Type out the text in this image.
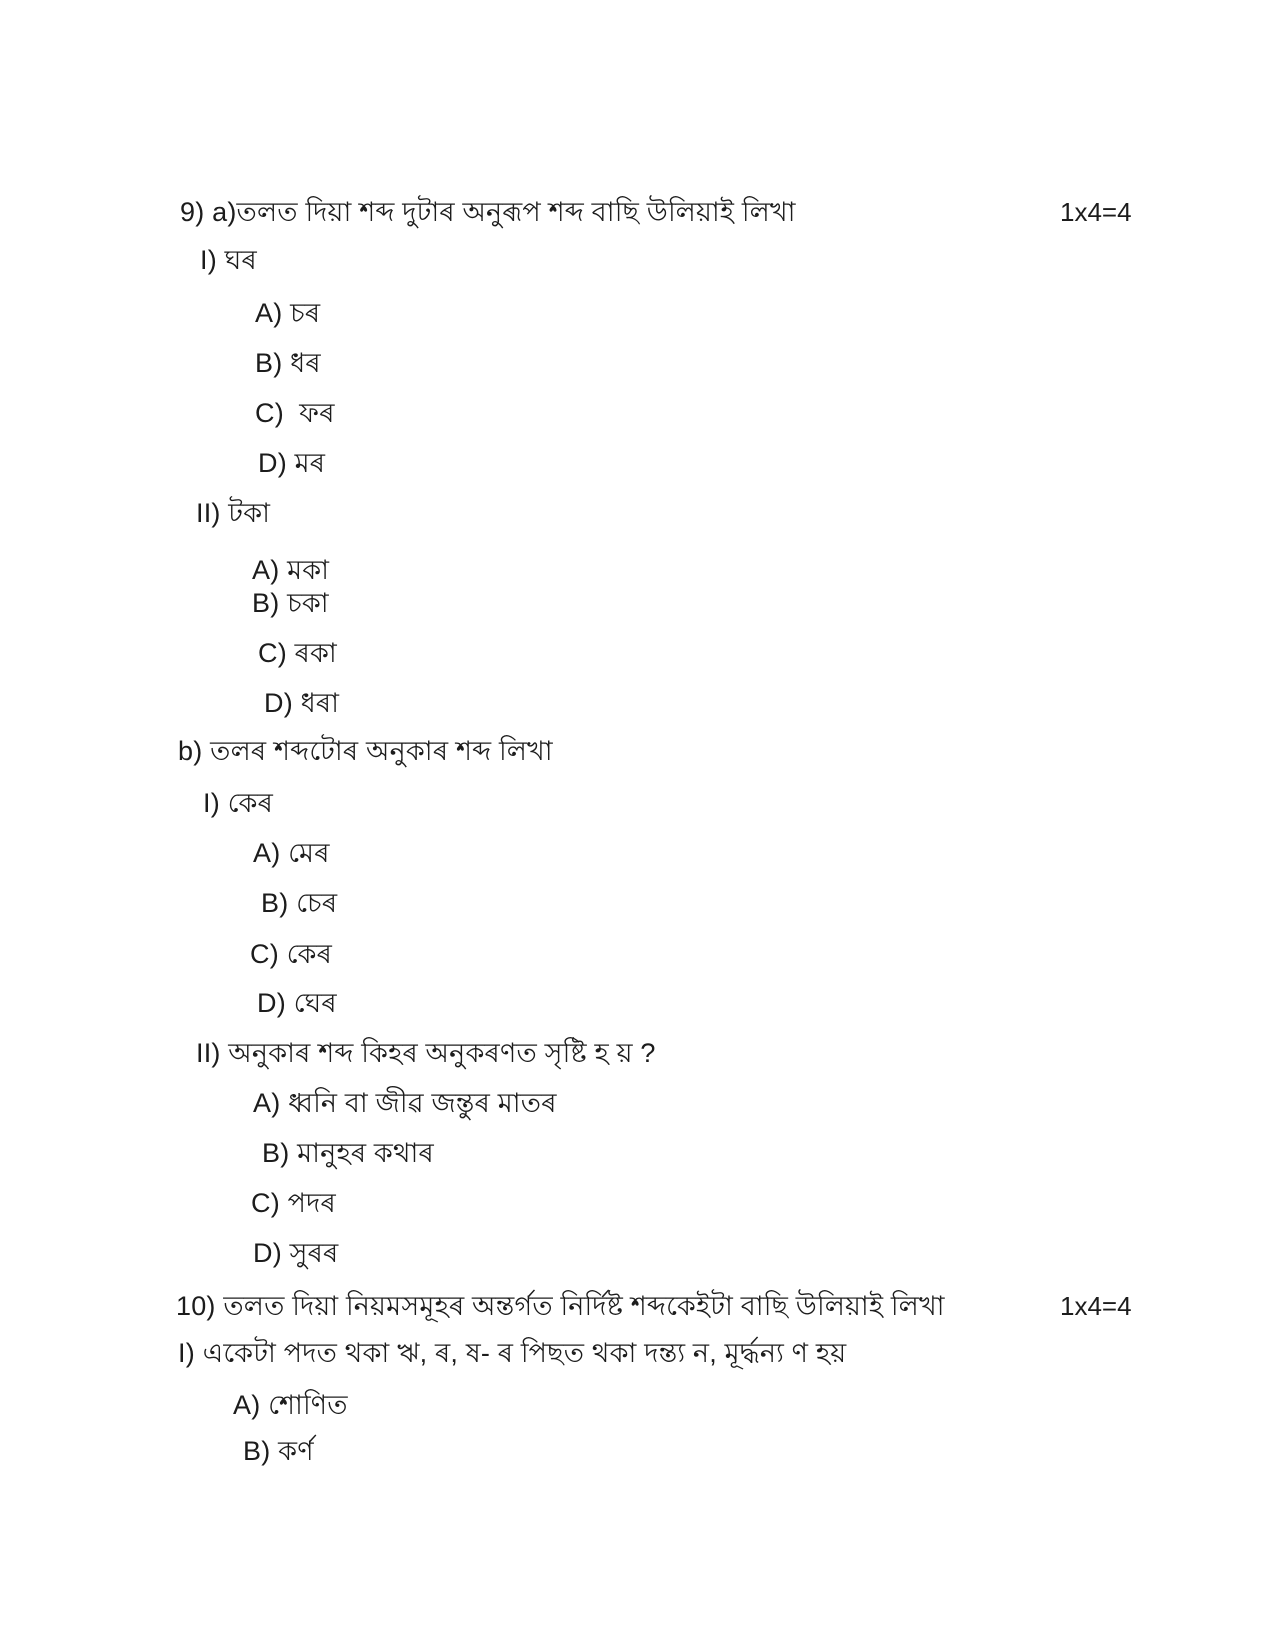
9) a)তলত দিয়া শব্দ দুটাৰ অনুৰূপ শব্দ বাছি উলিয়াই লিখা	1x4=4
I) ঘৰ
A) চৰ
B) ধৰ
C)  ফৰ
D) মৰ
II) টকা
A) মকা
B) চকা
C) ৰকা
D) ধৰা
b) তলৰ শব্দটোৰ অনুকাৰ শব্দ লিখা
I) কেৰ
A) মেৰ
B) চেৰ
C) কেৰ
D) ঘেৰ
II) অনুকাৰ শব্দ কিহৰ অনুকৰণত সৃষ্টি হ য় ?
A) ধ্বনি বা জীৱ জন্তুৰ মাতৰ
B) মানুহৰ কথাৰ
C) পদৰ
D) সুৰৰ
10) তলত দিয়া নিয়মসমূহৰ অন্তৰ্গত নিৰ্দিষ্ট শব্দকেইটা বাছি উলিয়াই লিখা	1x4=4
I) একেটা পদত থকা ঋ, ৰ, ষ- ৰ পিছত থকা দন্ত্য ন, মূৰ্দ্ধন্য ণ হয়
A) শোণিত
B) কৰ্ণ
